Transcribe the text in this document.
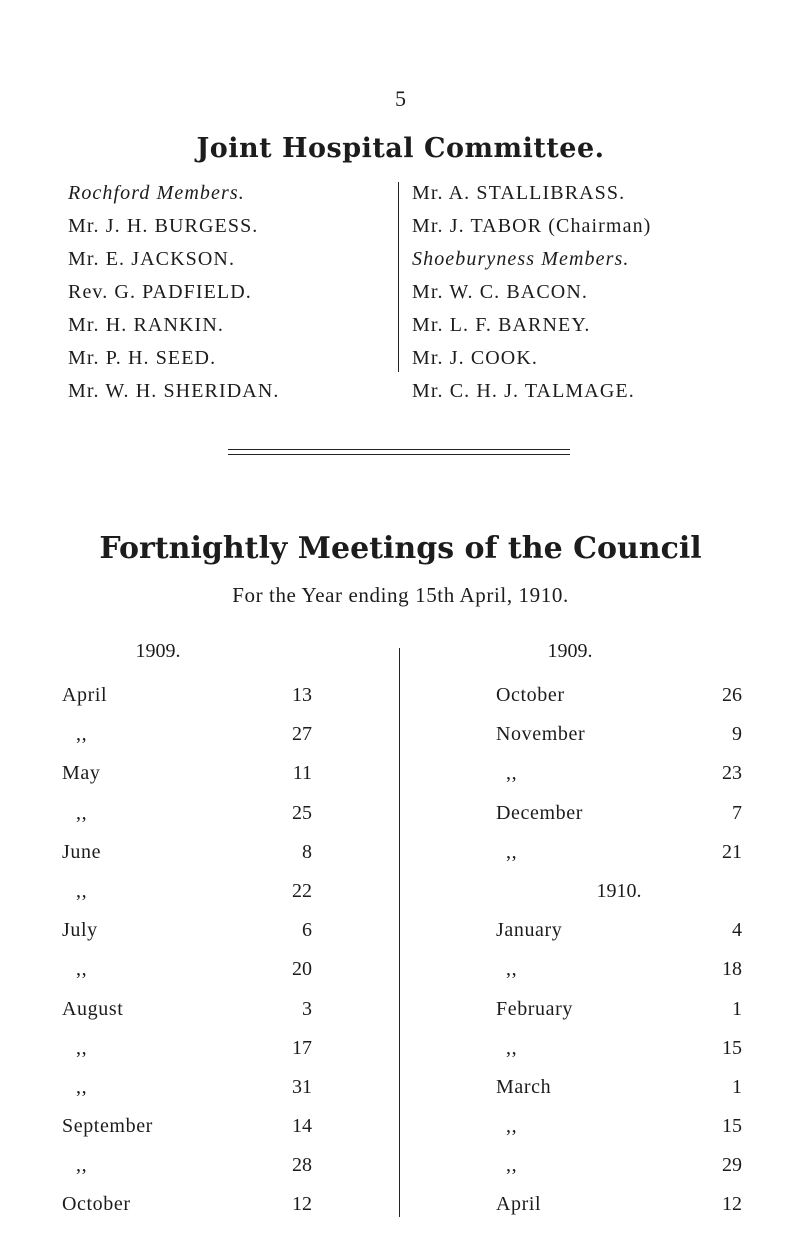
5
Joint Hospital Committee.
Rochford Members.
Mr. J. H. BURGESS.
Mr. E. JACKSON.
Rev. G. PADFIELD.
Mr. H. RANKIN.
Mr. P. H. SEED.
Mr. W. H. SHERIDAN.
Mr. A. STALLIBRASS.
Mr. J. TABOR (Chairman)
Shoeburyness Members.
Mr. W. C. BACON.
Mr. L. F. BARNEY.
Mr. J. COOK.
Mr. C. H. J. TALMAGE.
Fortnightly Meetings of the Council
For the Year ending 15th April, 1910.
1909.	1909.
April	13
,,	27
May	11
,,	25
June	8
,,	22
July	6
,,	20
August	3
,,	17
,,	31
September	14
,,	28
October	12
October	26
November	9
,,	23
December	7
,,	21
1910.
January	4
,,	18
February	1
,,	15
March	1
,,	15
,,	29
April	12
